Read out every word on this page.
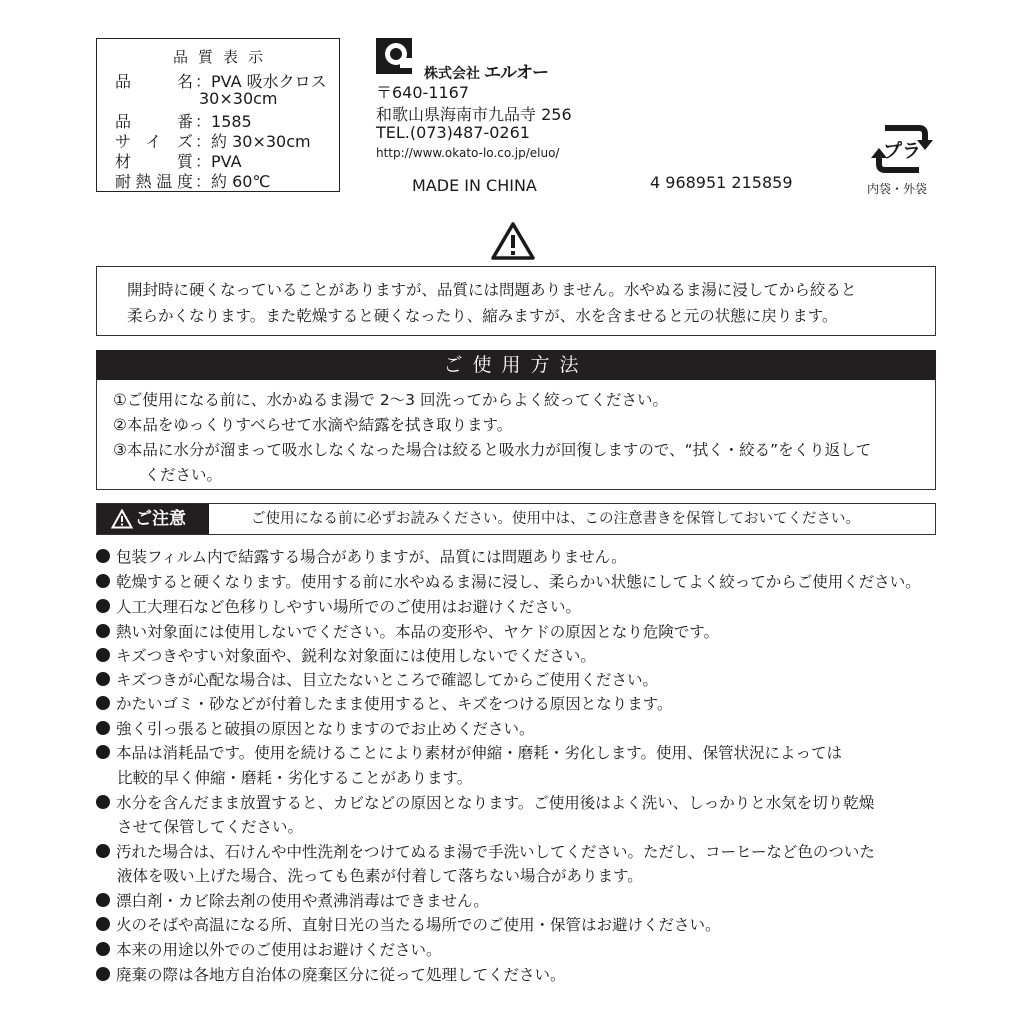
品質表示
品名 ：PVA 吸水クロス
30×30cm
品番 ：1585
サイズ ：約 30×30cm
材質 ：PVA
耐熱温度 ：約 60℃
株式会社 エルオー
〒640-1167
和歌山県海南市九品寺 256
TEL.(073)487-0261
http://www.okato-lo.co.jp/eluo/
MADE IN CHINA	4 968951 215859
プラ
内袋・外袋
開封時に硬くなっていることがありますが、品質には問題ありません。水やぬるま湯に浸してから絞ると
柔らかくなります。また乾燥すると硬くなったり、縮みますが、水を含ませると元の状態に戻ります。
ご使用方法
①ご使用になる前に、水かぬるま湯で 2～3 回洗ってからよく絞ってください。
②本品をゆっくりすべらせて水滴や結露を拭き取ります。
③本品に水分が溜まって吸水しなくなった場合は絞ると吸水力が回復しますので、“拭く・絞る”をくり返して
　ください。
ご注意	ご使用になる前に必ずお読みください。使用中は、この注意書きを保管しておいてください。
包装フィルム内で結露する場合がありますが、品質には問題ありません。
乾燥すると硬くなります。使用する前に水やぬるま湯に浸し、柔らかい状態にしてよく絞ってからご使用ください。
人工大理石など色移りしやすい場所でのご使用はお避けください。
熱い対象面には使用しないでください。本品の変形や、ヤケドの原因となり危険です。
キズつきやすい対象面や、鋭利な対象面には使用しないでください。
キズつきが心配な場合は、目立たないところで確認してからご使用ください。
かたいゴミ・砂などが付着したまま使用すると、キズをつける原因となります。
強く引っ張ると破損の原因となりますのでお止めください。
本品は消耗品です。使用を続けることにより素材が伸縮・磨耗・劣化します。使用、保管状況によっては
比較的早く伸縮・磨耗・劣化することがあります。
水分を含んだまま放置すると、カビなどの原因となります。ご使用後はよく洗い、しっかりと水気を切り乾燥
させて保管してください。
汚れた場合は、石けんや中性洗剤をつけてぬるま湯で手洗いしてください。ただし、コーヒーなど色のついた
液体を吸い上げた場合、洗っても色素が付着して落ちない場合があります。
漂白剤・カビ除去剤の使用や煮沸消毒はできません。
火のそばや高温になる所、直射日光の当たる場所でのご使用・保管はお避けください。
本来の用途以外でのご使用はお避けください。
廃棄の際は各地方自治体の廃棄区分に従って処理してください。
